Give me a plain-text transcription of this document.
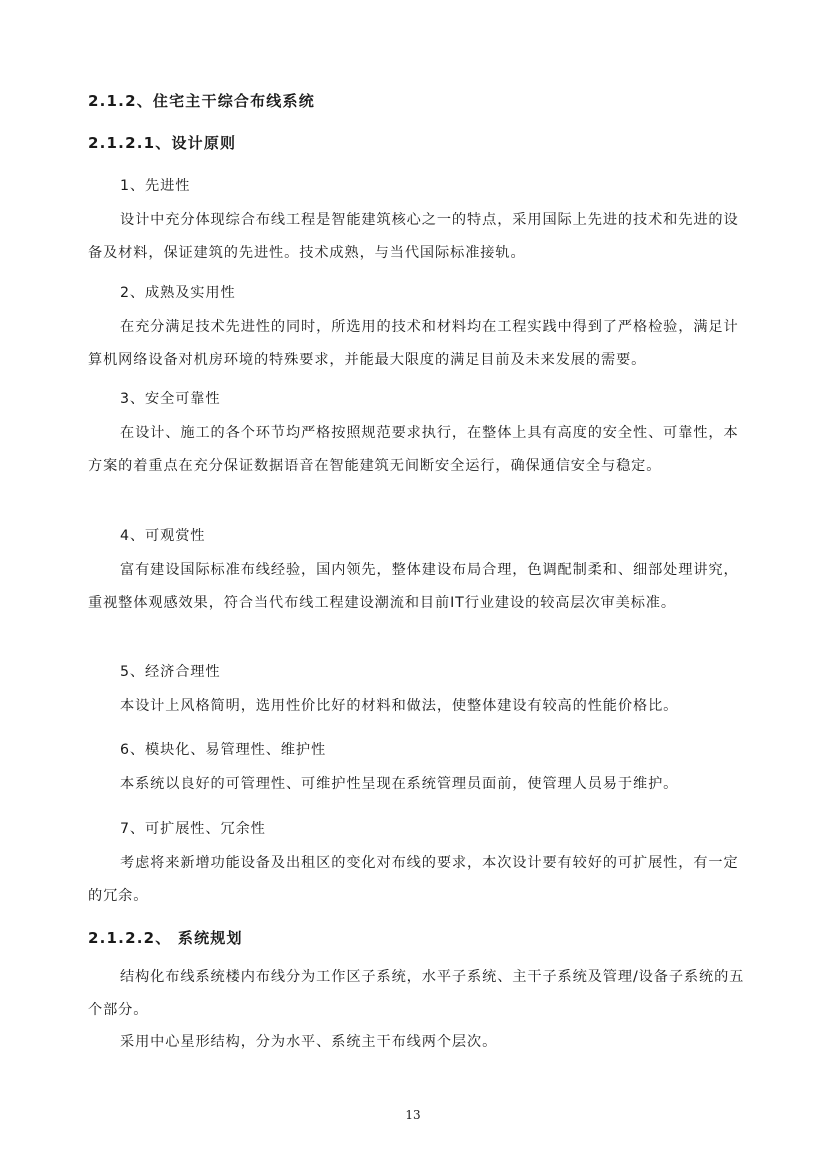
2.1.2、住宅主干综合布线系统
2.1.2.1、设计原则
1、先进性
设计中充分体现综合布线工程是智能建筑核心之一的特点，采用国际上先进的技术和先进的设备及材料，保证建筑的先进性。技术成熟，与当代国际标准接轨。
2、成熟及实用性
在充分满足技术先进性的同时，所选用的技术和材料均在工程实践中得到了严格检验，满足计算机网络设备对机房环境的特殊要求，并能最大限度的满足目前及未来发展的需要。
3、安全可靠性
在设计、施工的各个环节均严格按照规范要求执行，在整体上具有高度的安全性、可靠性，本方案的着重点在充分保证数据语音在智能建筑无间断安全运行，确保通信安全与稳定。
4、可观赏性
富有建设国际标准布线经验，国内领先，整体建设布局合理，色调配制柔和、细部处理讲究，重视整体观感效果，符合当代布线工程建设潮流和目前IT行业建设的较高层次审美标准。
5、经济合理性
本设计上风格简明，选用性价比好的材料和做法，使整体建设有较高的性能价格比。
6、模块化、易管理性、维护性
本系统以良好的可管理性、可维护性呈现在系统管理员面前，使管理人员易于维护。
7、可扩展性、冗余性
考虑将来新增功能设备及出租区的变化对布线的要求，本次设计要有较好的可扩展性，有一定的冗余。
2.1.2.2、 系统规划
结构化布线系统楼内布线分为工作区子系统，水平子系统、主干子系统及管理/设备子系统的五个部分。
采用中心星形结构，分为水平、系统主干布线两个层次。
13
